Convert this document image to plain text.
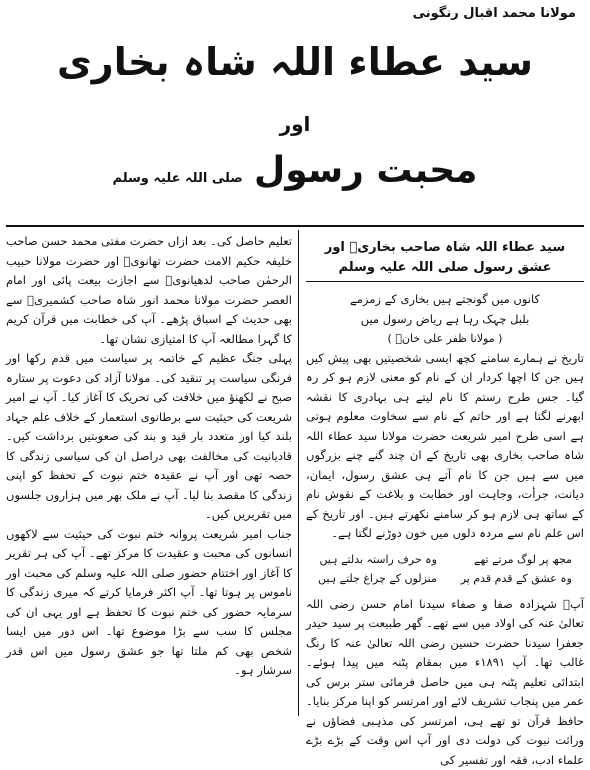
مولانا محمد اقبال رنگونی
سید عطاء اللہ شاہ بخاری
اور
محبت رسول صلی اللہ علیہ وسلم
سید عطاء اللہ شاہ صاحب بخاریؒ اور عشق رسول صلی اللہ علیہ وسلم

کانوں میں گونجتے ہیں بخاری کے زمزمے

بلبل چہک رہا ہے ریاض رسول میں

( مولانا ظفر علی خانؒ )

تاریخ نے ہمارے سامنے کچھ ایسی شخصیتیں بھی پیش کیں ہیں جن کا اچھا کردار ان کے نام کو معنی لازم ہو کر رہ گیا۔ جس طرح رستم کا نام لیتے ہی بہادری کا نقشہ ابھرنے لگتا ہے اور حاتم کے نام سے سخاوت معلوم ہوتی ہے اسی طرح امیر شریعت حضرت مولانا سید عطاء اللہ شاہ صاحب بخاری بھی تاریخ کے ان چند گنے چنے بزرگوں میں سے ہیں جن کا نام آتے ہی عشق رسول، ایمان، دیانت، جرأت، وجاہت اور خطابت و بلاغت کے نقوش نام کے ساتھ ہی لازم ہو کر سامنے نکھرتے ہیں۔ اور تاریخ کے اس علم نام سے مردہ دلوں میں خون دوڑنے لگتا ہے۔

مجھ پر لوگ مرتے تھے
وہ عشق کے قدم قدم پر
وہ حرف راستہ بدلتے ہیں
منزلوں کے چراغ جلتے ہیں

آپؒ شہزادہ صفا و صفاء سیدنا امام حسن رضی اللہ تعالیٰ عنہ کی اولاد میں سے تھے۔ گھر طبیعت پر سید حیدر جعفرا سیدنا حضرت حسین رضی اللہ تعالیٰ عنہ کا رنگ غالب تھا۔ آپ ۱۸۹۱ء میں بمقام پٹنہ میں پیدا ہوئے۔ ابتدائی تعلیم پٹنہ ہی میں حاصل فرمائی ستر برس کی عمر میں پنجاب تشریف لائے اور امرتسر کو اپنا مرکز بنایا۔ حافظ قرآن تو تھے ہی، امرتسر کی مذہبی فضاؤں نے وراثت نبوت کی دولت دی اور آپ اس وقت کے بڑے بڑے علماء ادب، فقہ اور تفسیر کی

تعلیم حاصل کی۔ بعد ازاں حضرت مفتی محمد حسن صاحب خلیفہ حکیم الامت حضرت تھانویؒ اور حضرت مولانا حبیب الرحمٰن صاحب لدھیانویؒ سے اجازت بیعت پائی اور امام العصر حضرت مولانا محمد انور شاہ صاحب کشمیریؒ سے بھی حدیث کے اسباق پڑھے۔ آپ کی خطابت میں قرآن کریم کا گہرا مطالعہ آپ کا امتیازی نشان تھا۔

پہلی جنگ عظیم کے خاتمہ پر سیاست میں قدم رکھا اور فرنگی سیاست پر تنقید کی۔ مولانا آزاد کی دعوت پر ستارہ صبح نے لکھنؤ میں خلافت کی تحریک کا آغاز کیا۔ آپ نے امیر شریعت کی حیثیت سے برطانوی استعمار کے خلاف علم جہاد بلند کیا اور متعدد بار قید و بند کی صعوبتیں برداشت کیں۔ قادیانیت کی مخالفت بھی دراصل ان کی سیاسی زندگی کا حصہ تھی اور آپ نے عقیدہ ختم نبوت کے تحفظ کو اپنی زندگی کا مقصد بنا لیا۔ آپ نے ملک بھر میں ہزاروں جلسوں میں تقریریں کیں۔

جناب امیر شریعت پروانہ ختم نبوت کی حیثیت سے لاکھوں انسانوں کی محبت و عقیدت کا مرکز تھے۔ آپ کی ہر تقریر کا آغاز اور اختتام حضور صلی اللہ علیہ وسلم کی محبت اور ناموس پر ہوتا تھا۔ آپ اکثر فرمایا کرتے کہ میری زندگی کا سرمایہ حضور کی ختم نبوت کا تحفظ ہے اور یہی ان کی مجلس کا سب سے بڑا موضوع تھا۔ اس دور میں ایسا شخص بھی کم ملتا تھا جو عشق رسول میں اس قدر سرشار ہو۔
